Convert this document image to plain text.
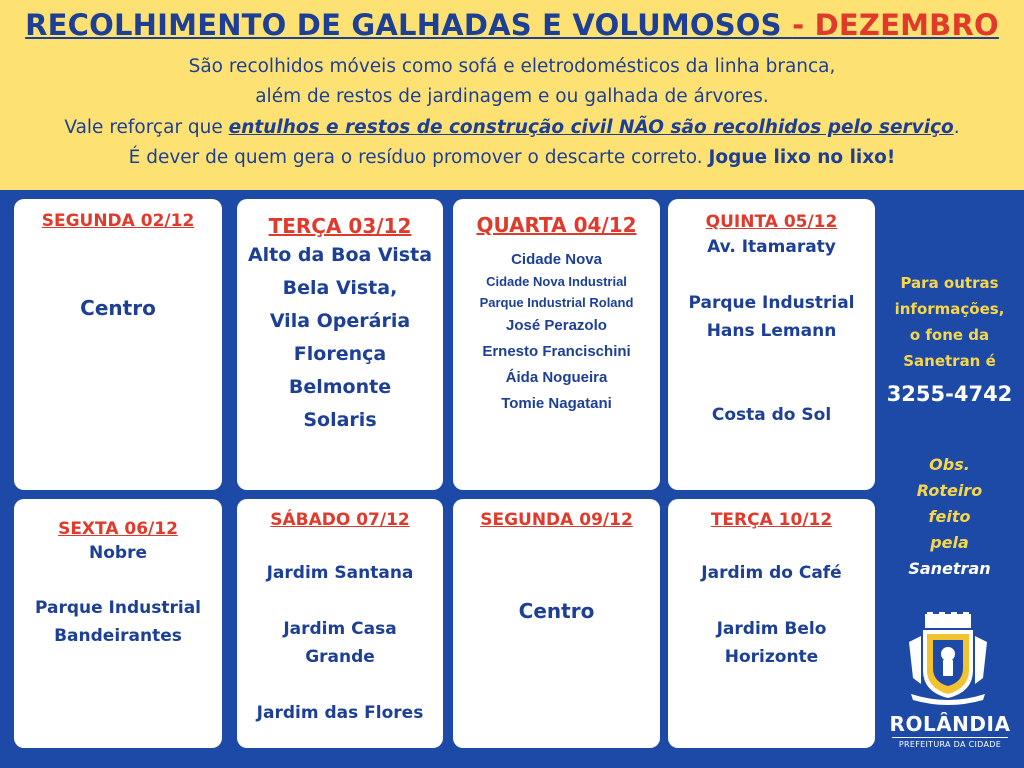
RECOLHIMENTO DE GALHADAS E VOLUMOSOS - DEZEMBRO
São recolhidos móveis como sofá e eletrodomésticos da linha branca,
além de restos de jardinagem e ou galhada de árvores.
Vale reforçar que entulhos e restos de construção civil NÃO são recolhidos pelo serviço.
É dever de quem gera o resíduo promover o descarte correto. Jogue lixo no lixo!
SEGUNDA 02/12
Centro
TERÇA 03/12
Alto da Boa Vista
Bela Vista,
Vila Operária
Florença
Belmonte
Solaris
QUARTA 04/12
Cidade Nova
Cidade Nova Industrial
Parque Industrial Roland
José Perazolo
Ernesto Francischini
Áida Nogueira
Tomie Nagatani
QUINTA 05/12
Av. Itamaraty
Parque Industrial
Hans Lemann
Costa do Sol
SEXTA 06/12
Nobre
Parque Industrial
Bandeirantes
SÁBADO 07/12
Jardim Santana
Jardim Casa
Grande
Jardim das Flores
SEGUNDA 09/12
Centro
TERÇA 10/12
Jardim do Café
Jardim Belo
Horizonte
Para outras
informações,
o fone da
Sanetran é
3255-4742
Obs.
Roteiro
feito
pela
Sanetran
ROLÂNDIA
PREFEITURA DA CIDADE
